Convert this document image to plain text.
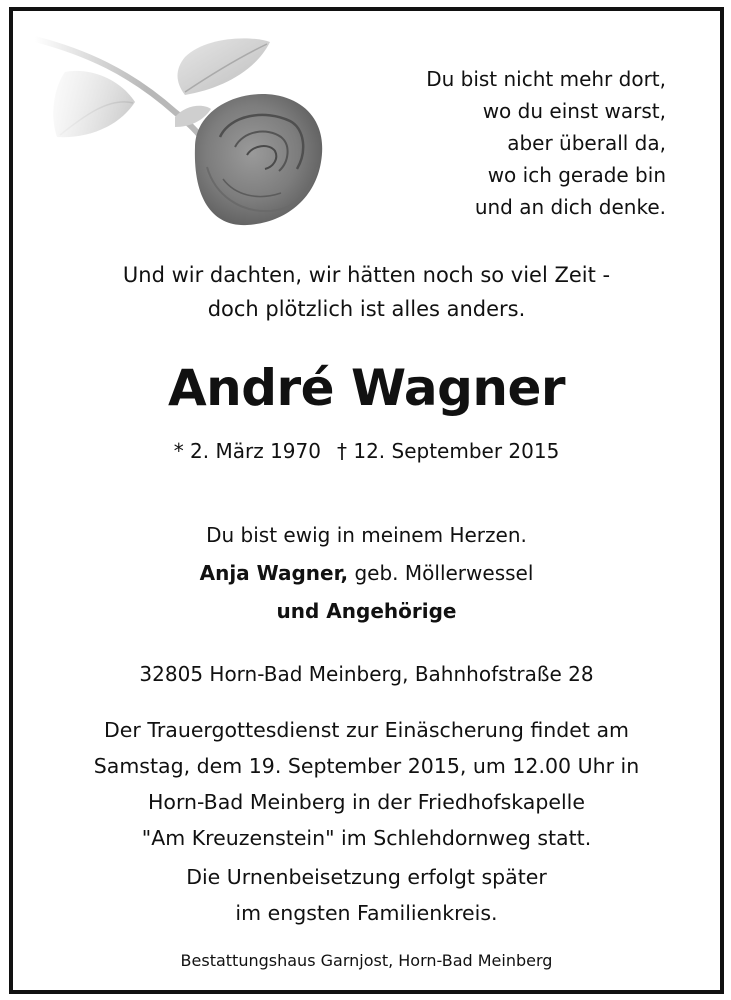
Du bist nicht mehr dort,
wo du einst warst,
aber überall da,
wo ich gerade bin
und an dich denke.
Und wir dachten, wir hätten noch so viel Zeit -
doch plötzlich ist alles anders.
André Wagner
* 2. März 1970 † 12. September 2015
Du bist ewig in meinem Herzen.
Anja Wagner, geb. Möllerwessel
und Angehörige
32805 Horn-Bad Meinberg, Bahnhofstraße 28
Der Trauergottesdienst zur Einäscherung findet am
Samstag, dem 19. September 2015, um 12.00 Uhr in
Horn-Bad Meinberg in der Friedhofskapelle
"Am Kreuzenstein" im Schlehdornweg statt.
Die Urnenbeisetzung erfolgt später
im engsten Familienkreis.
Bestattungshaus Garnjost, Horn-Bad Meinberg
